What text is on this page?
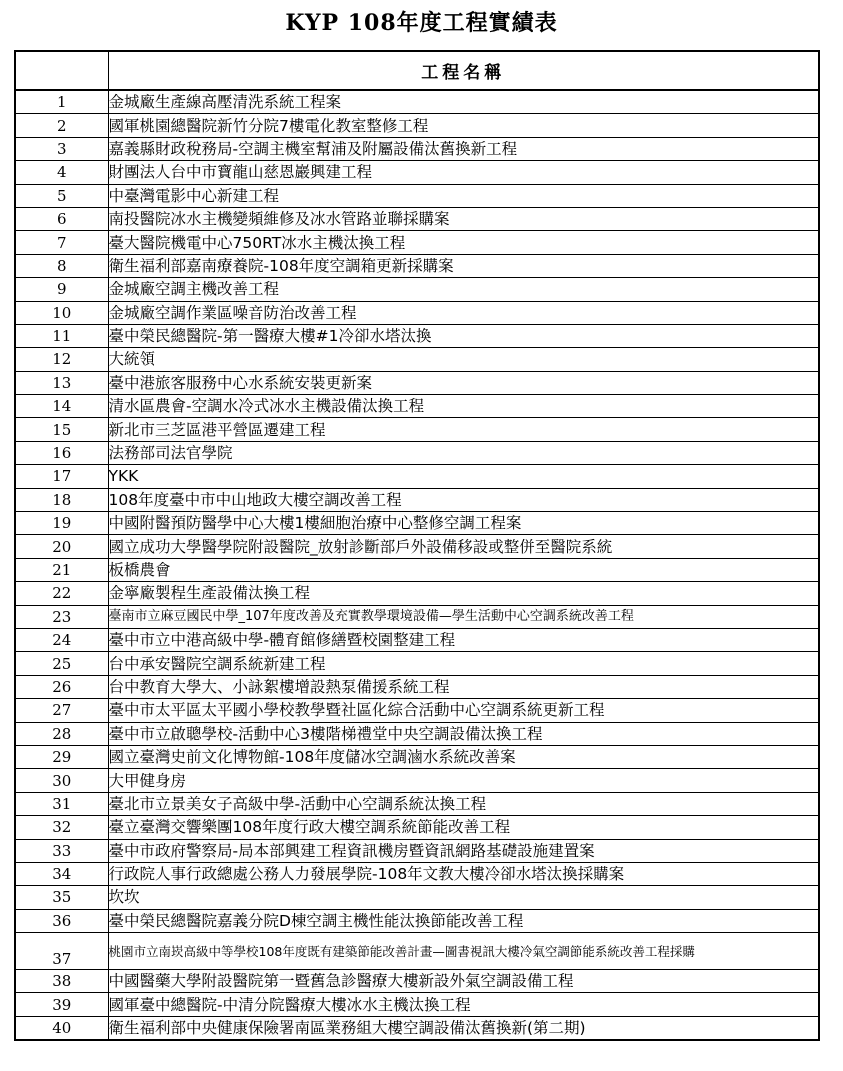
KYP 108年度工程實績表
	工程名稱
1	金城廠生產線高壓清洗系統工程案
2	國軍桃園總醫院新竹分院7樓電化教室整修工程
3	嘉義縣財政稅務局-空調主機室幫浦及附屬設備汰舊換新工程
4	財團法人台中市寶龍山慈恩巖興建工程
5	中臺灣電影中心新建工程
6	南投醫院冰水主機變頻維修及冰水管路並聯採購案
7	臺大醫院機電中心750RT冰水主機汰換工程
8	衛生福利部嘉南療養院-108年度空調箱更新採購案
9	金城廠空調主機改善工程
10	金城廠空調作業區噪音防治改善工程
11	臺中榮民總醫院-第一醫療大樓#1冷卻水塔汰換
12	大統領
13	臺中港旅客服務中心水系統安裝更新案
14	清水區農會-空調水冷式冰水主機設備汰換工程
15	新北市三芝區港平營區遷建工程
16	法務部司法官學院
17	YKK
18	108年度臺中市中山地政大樓空調改善工程
19	中國附醫預防醫學中心大樓1樓細胞治療中心整修空調工程案
20	國立成功大學醫學院附設醫院_放射診斷部戶外設備移設或整併至醫院系統
21	板橋農會
22	金寧廠製程生產設備汰換工程
23	臺南市立麻豆國民中學_107年度改善及充實教學環境設備—學生活動中心空調系統改善工程
24	臺中市立中港高級中學-體育館修繕暨校園整建工程
25	台中承安醫院空調系統新建工程
26	台中教育大學大、小詠絮樓增設熱泵備援系統工程
27	臺中市太平區太平國小學校教學暨社區化綜合活動中心空調系統更新工程
28	臺中市立啟聰學校-活動中心3樓階梯禮堂中央空調設備汰換工程
29	國立臺灣史前文化博物館-108年度儲冰空調滷水系統改善案
30	大甲健身房
31	臺北市立景美女子高級中學-活動中心空調系統汰換工程
32	臺立臺灣交響樂團108年度行政大樓空調系統節能改善工程
33	臺中市政府警察局-局本部興建工程資訊機房暨資訊網路基礎設施建置案
34	行政院人事行政總處公務人力發展學院-108年文教大樓冷卻水塔汰換採購案
35	坎坎
36	臺中榮民總醫院嘉義分院D棟空調主機性能汰換節能改善工程
37	桃園市立南崁高級中等學校108年度既有建築節能改善計畫—圖書視訊大樓冷氣空調節能系統改善工程採購
38	中國醫藥大學附設醫院第一暨舊急診醫療大樓新設外氣空調設備工程
39	國軍臺中總醫院-中清分院醫療大樓冰水主機汰換工程
40	衛生福利部中央健康保險署南區業務組大樓空調設備汰舊換新(第二期)
